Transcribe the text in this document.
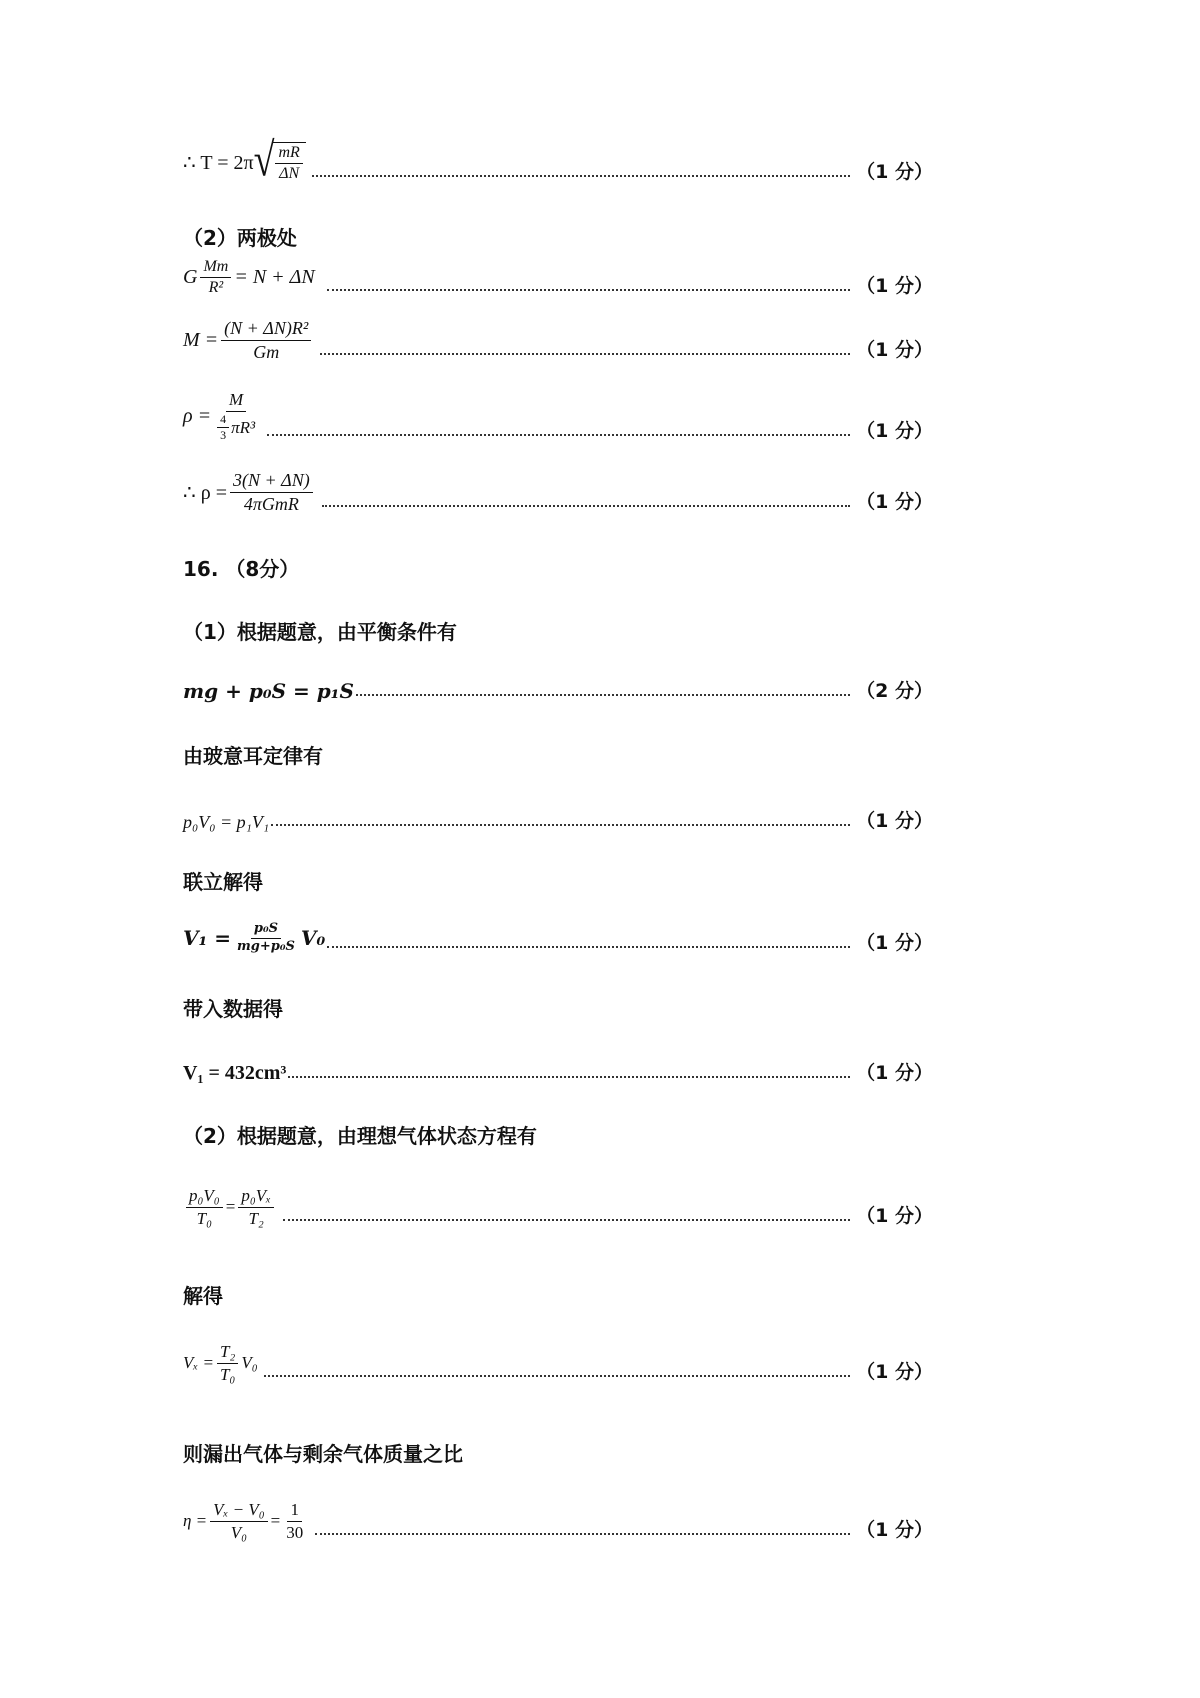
∴ T = 2π √ $\frac{mR}{\Delta N}$	（1 分）
（2）两极处
G $\frac{Mm}{\text{R²}} = N + \Delta N$	（1 分）
$M = \frac{\text{(N + ΔN)R²}}{Gm}$	（1 分）
$\rho = \frac{M}{\frac{4}{3} \pi R^3}$	（1 分）
∴ $\rho = \frac{3(N + \Delta N)}{\text{4πGmR}}$	（1 分）
16. （8分）
（1）根据题意，由平衡条件有
mg + p₀S = p₁S	（2 分）
由玻意耳定律有
p₀V₀ = p₁V₁	（1 分）
联立解得
$V_1 = \frac{\text{p₀S}}{\text{mg+p₀S}} V_0$	（1 分）
带入数据得
V₁ = 432cm³	（1 分）
（2）根据题意，由理想气体状态方程有
$\frac{\text{p₀V₀}}{\text{T₀}} = \frac{\text{p₀Vₓ}}{\text{T₂}}$	（1 分）
解得
$V_x = \frac{\text{T₂}}{\text{T₀}} V_0$	（1 分）
则漏出气体与剩余气体质量之比
$\eta = \frac{\text{Vₓ − V₀}}{\text{V₀}} = \frac{1}{30}$	（1 分）
